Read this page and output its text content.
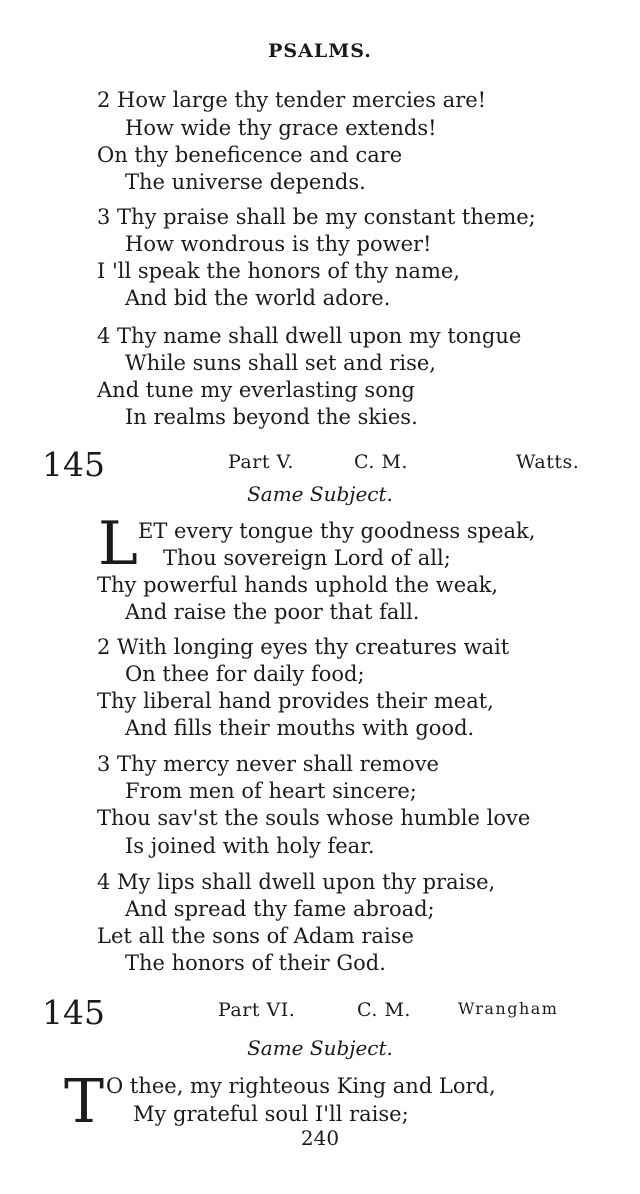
PSALMS.
2 How large thy tender mercies are!
How wide thy grace extends!
On thy beneficence and care
The universe depends.
3 Thy praise shall be my constant theme;
How wondrous is thy power!
I 'll speak the honors of thy name,
And bid the world adore.
4 Thy name shall dwell upon my tongue
While suns shall set and rise,
And tune my everlasting song
In realms beyond the skies.
145	Part V.	C. M.	Watts.
Same Subject.
L ET every tongue thy goodness speak,
Thou sovereign Lord of all;
Thy powerful hands uphold the weak,
And raise the poor that fall.
2 With longing eyes thy creatures wait
On thee for daily food;
Thy liberal hand provides their meat,
And fills their mouths with good.
3 Thy mercy never shall remove
From men of heart sincere;
Thou sav'st the souls whose humble love
Is joined with holy fear.
4 My lips shall dwell upon thy praise,
And spread thy fame abroad;
Let all the sons of Adam raise
The honors of their God.
145	Part VI.	C. M.	Wrangham
Same Subject.
T O thee, my righteous King and Lord,
My grateful soul I'll raise;
240
